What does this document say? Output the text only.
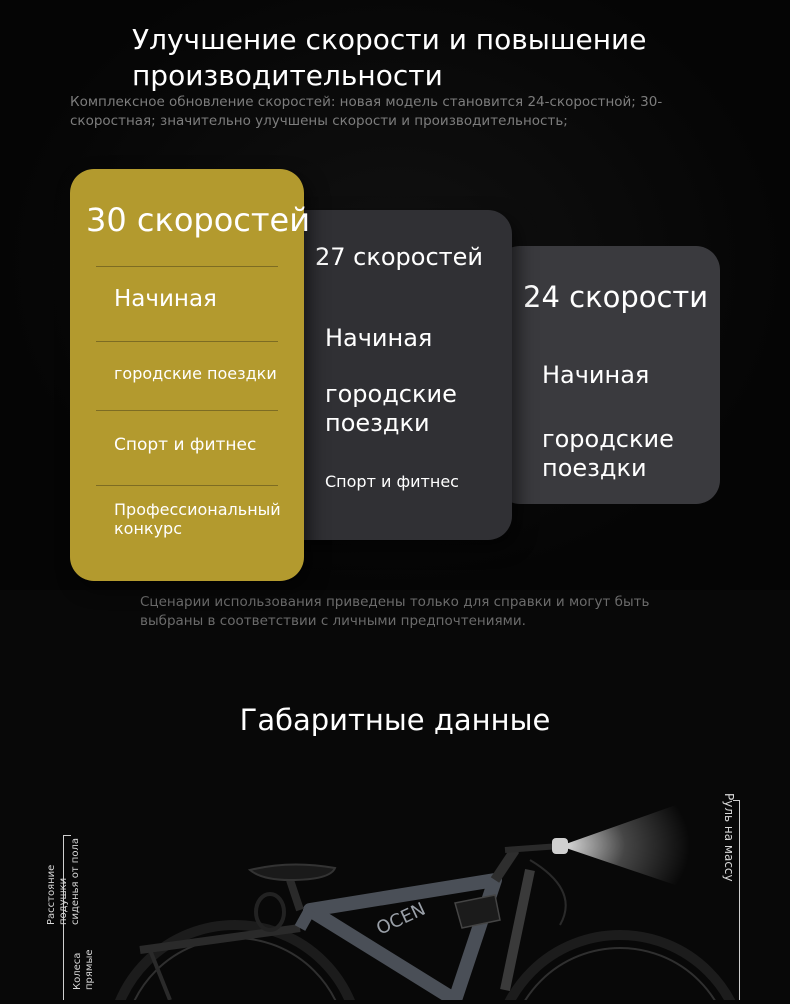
Улучшение скорости и повышение производительности

Комплексное обновление скоростей: новая модель становится 24-скоростной; 30-скоростная; значительно улучшены скорости и производительность;

30 скоростей

Начиная

городские поездки

Спорт и фитнес

Профессиональный конкурс

27 скоростей

Начиная

городские поездки

Спорт и фитнес

24 скорости

Начиная

городские поездки

Сценарии использования приведены только для справки и могут быть выбраны в соответствии с личными предпочтениями.

Габаритные данные
Руль на массу
Расстояние подушки сиденья от пола
Колеса прямые
ОСЕN
